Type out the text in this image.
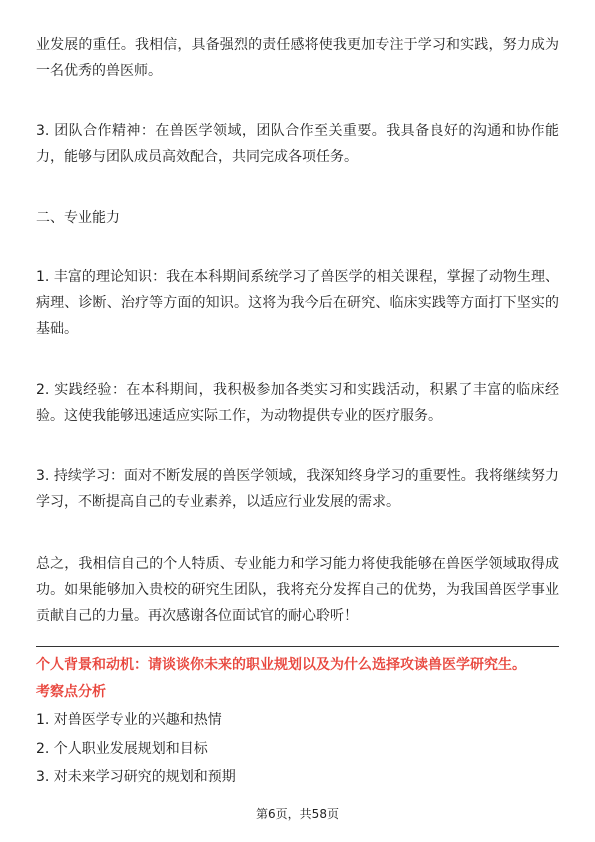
业发展的重任。我相信，具备强烈的责任感将使我更加专注于学习和实践，努力成为一名优秀的兽医师。

3. 团队合作精神：在兽医学领域，团队合作至关重要。我具备良好的沟通和协作能力，能够与团队成员高效配合，共同完成各项任务。

二、专业能力

1. 丰富的理论知识：我在本科期间系统学习了兽医学的相关课程，掌握了动物生理、病理、诊断、治疗等方面的知识。这将为我今后在研究、临床实践等方面打下坚实的基础。

2. 实践经验：在本科期间，我积极参加各类实习和实践活动，积累了丰富的临床经验。这使我能够迅速适应实际工作，为动物提供专业的医疗服务。

3. 持续学习：面对不断发展的兽医学领域，我深知终身学习的重要性。我将继续努力学习，不断提高自己的专业素养，以适应行业发展的需求。

总之，我相信自己的个人特质、专业能力和学习能力将使我能够在兽医学领域取得成功。如果能够加入贵校的研究生团队，我将充分发挥自己的优势，为我国兽医学事业贡献自己的力量。再次感谢各位面试官的耐心聆听！

个人背景和动机：请谈谈你未来的职业规划以及为什么选择攻读兽医学研究生。

考察点分析

1. 对兽医学专业的兴趣和热情

2. 个人职业发展规划和目标

3. 对未来学习研究的规划和预期

第6页，共58页
